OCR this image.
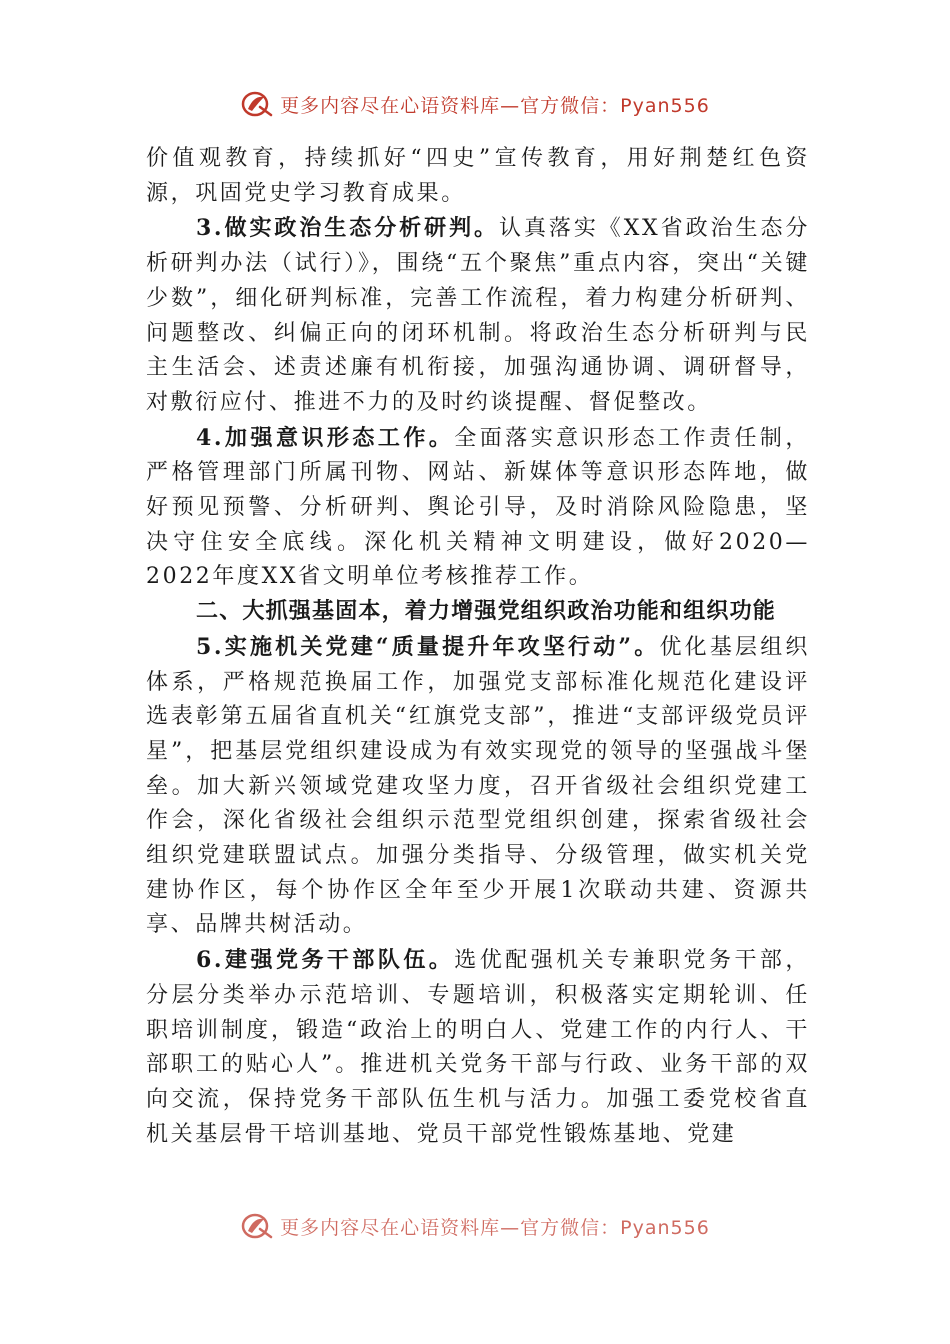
更多内容尽在心语资料库—官方微信：Pyan556

价值观教育，持续抓好“四史”宣传教育，用好荆楚红色资源，巩固党史学习教育成果。

3.做实政治生态分析研判。认真落实《XX省政治生态分析研判办法（试行）》，围绕“五个聚焦”重点内容，突出“关键少数”，细化研判标准，完善工作流程，着力构建分析研判、问题整改、纠偏正向的闭环机制。将政治生态分析研判与民主生活会、述责述廉有机衔接，加强沟通协调、调研督导，对敷衍应付、推进不力的及时约谈提醒、督促整改。

4.加强意识形态工作。全面落实意识形态工作责任制，严格管理部门所属刊物、网站、新媒体等意识形态阵地，做好预见预警、分析研判、舆论引导，及时消除风险隐患，坚决守住安全底线。深化机关精神文明建设，做好2020—2022年度XX省文明单位考核推荐工作。

二、大抓强基固本，着力增强党组织政治功能和组织功能

5.实施机关党建“质量提升年攻坚行动”。优化基层组织体系，严格规范换届工作，加强党支部标准化规范化建设评选表彰第五届省直机关“红旗党支部”，推进“支部评级党员评星”，把基层党组织建设成为有效实现党的领导的坚强战斗堡垒。加大新兴领域党建攻坚力度，召开省级社会组织党建工作会，深化省级社会组织示范型党组织创建，探索省级社会组织党建联盟试点。加强分类指导、分级管理，做实机关党建协作区，每个协作区全年至少开展1次联动共建、资源共享、品牌共树活动。

6.建强党务干部队伍。选优配强机关专兼职党务干部，分层分类举办示范培训、专题培训，积极落实定期轮训、任职培训制度，锻造“政治上的明白人、党建工作的内行人、干部职工的贴心人”。推进机关党务干部与行政、业务干部的双向交流，保持党务干部队伍生机与活力。加强工委党校省直机关基层骨干培训基地、党员干部党性锻炼基地、党建

更多内容尽在心语资料库—官方微信：Pyan556
